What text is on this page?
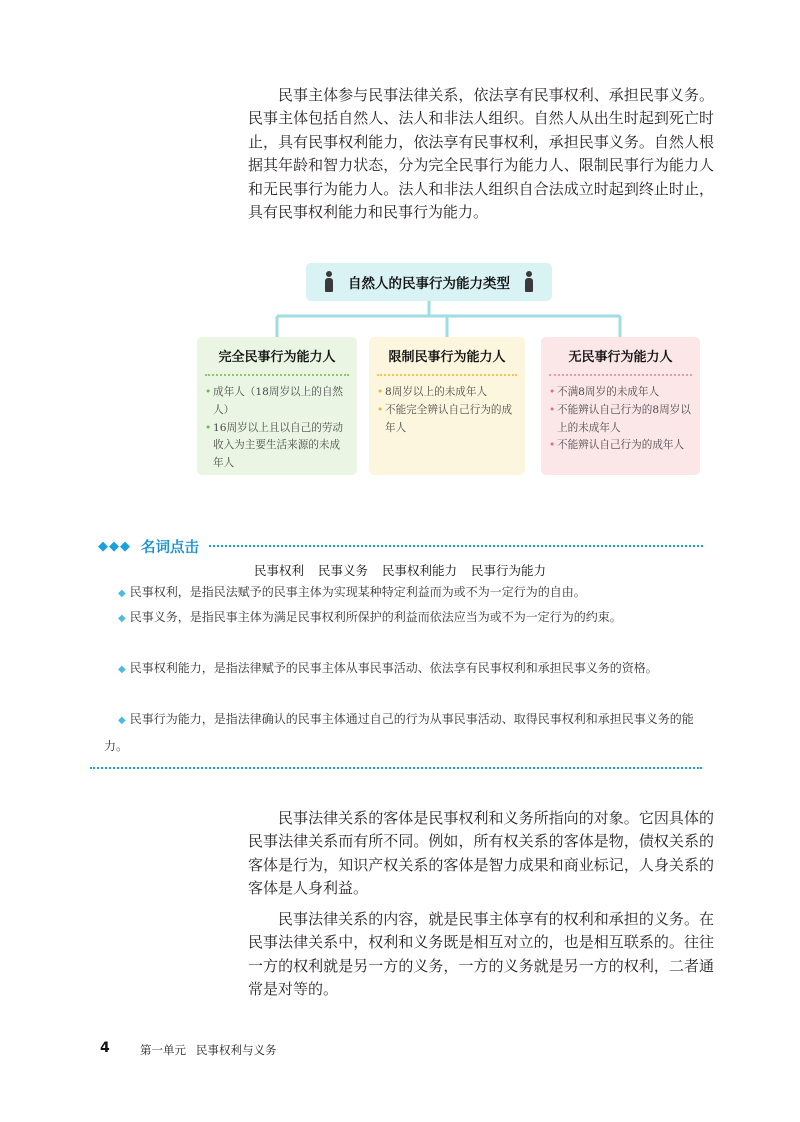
民事主体参与民事法律关系，依法享有民事权利、承担民事义务。民事主体包括自然人、法人和非法人组织。自然人从出生时起到死亡时止，具有民事权利能力，依法享有民事权利，承担民事义务。自然人根据其年龄和智力状态，分为完全民事行为能力人、限制民事行为能力人和无民事行为能力人。法人和非法人组织自合法成立时起到终止时止，具有民事权利能力和民事行为能力。

自然人的民事行为能力类型
完全民事行为能力人
• 成年人（18周岁以上的自然人）
• 16周岁以上且以自己的劳动收入为主要生活来源的未成年人
限制民事行为能力人
• 8周岁以上的未成年人
• 不能完全辨认自己行为的成年人
无民事行为能力人
• 不满8周岁的未成年人
• 不能辨认自己行为的8周岁以上的未成年人
• 不能辨认自己行为的成年人
◆◆◆ 名词点击
民事权利 民事义务 民事权利能力 民事行为能力

◆ 民事权利，是指民法赋予的民事主体为实现某种特定利益而为或不为一定行为的自由。

◆ 民事义务，是指民事主体为满足民事权利所保护的利益而依法应当为或不为一定行为的约束。

◆ 民事权利能力，是指法律赋予的民事主体从事民事活动、依法享有民事权利和承担民事义务的资格。

◆ 民事行为能力，是指法律确认的民事主体通过自己的行为从事民事活动、取得民事权利和承担民事义务的能力。

民事法律关系的客体是民事权利和义务所指向的对象。它因具体的民事法律关系而有所不同。例如，所有权关系的客体是物，债权关系的客体是行为，知识产权关系的客体是智力成果和商业标记，人身关系的客体是人身利益。

民事法律关系的内容，就是民事主体享有的权利和承担的义务。在民事法律关系中，权利和义务既是相互对立的，也是相互联系的。往往一方的权利就是另一方的义务，一方的义务就是另一方的权利，二者通常是对等的。

4	第一单元 民事权利与义务
